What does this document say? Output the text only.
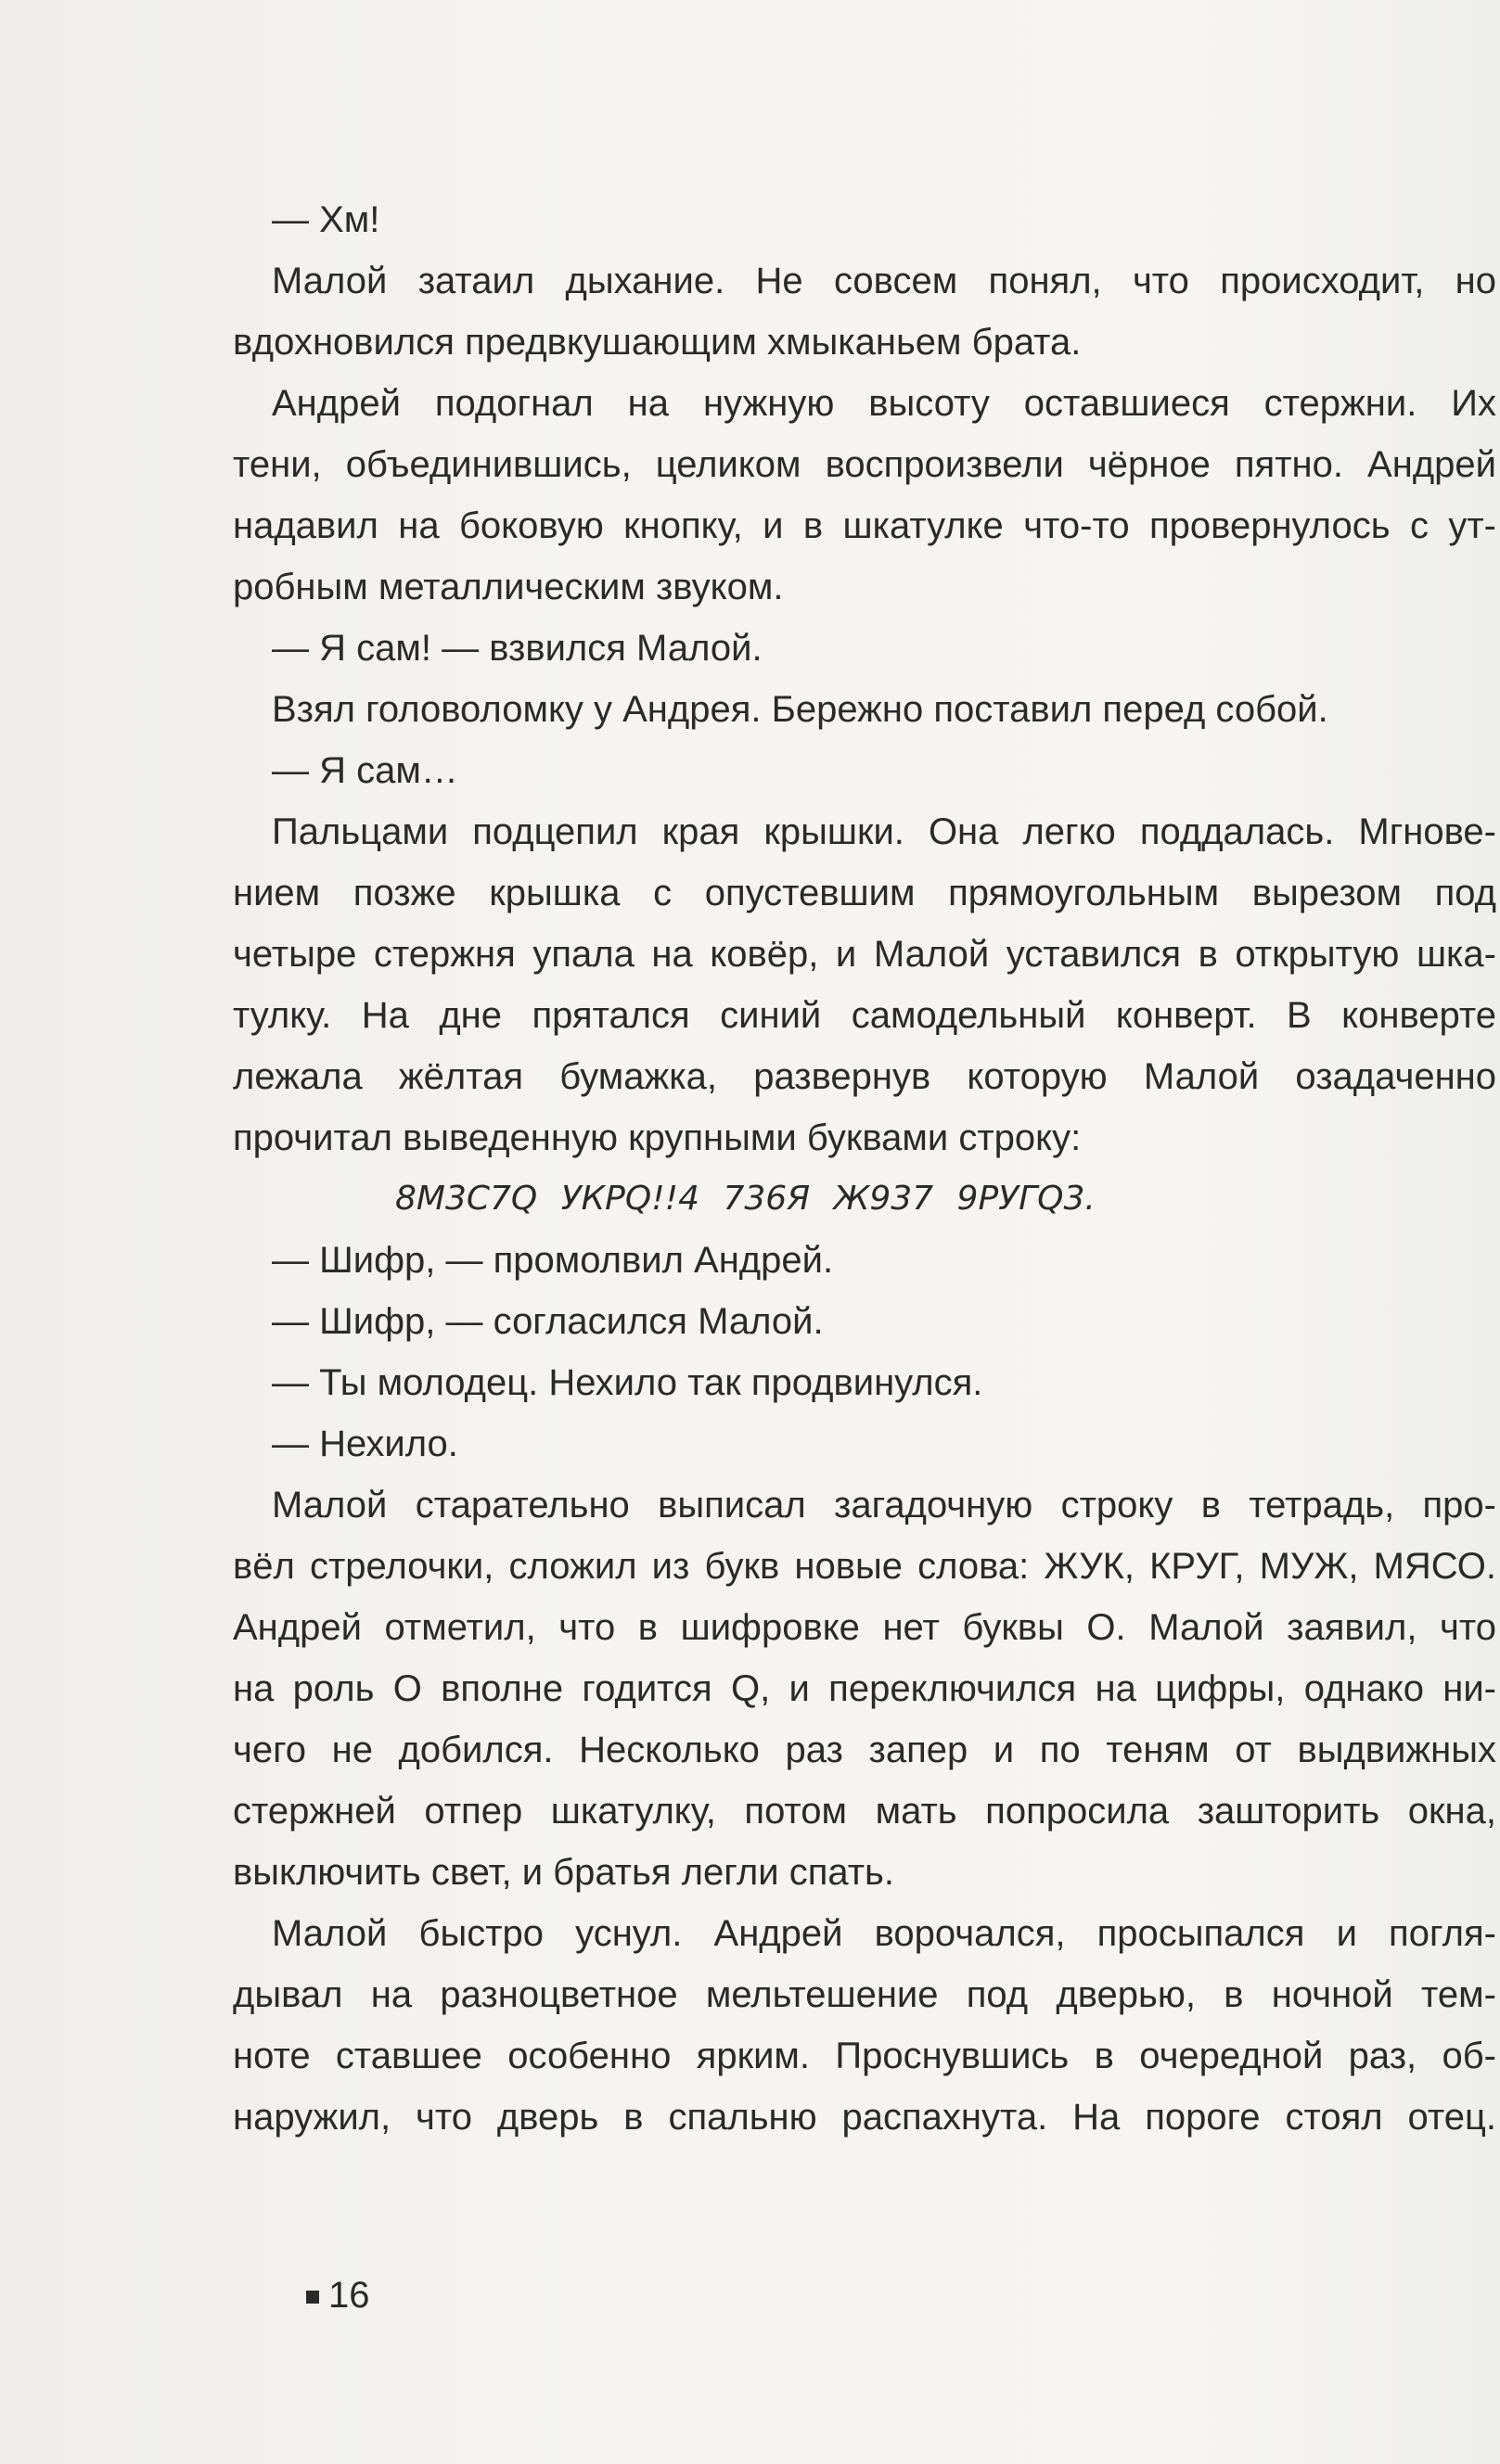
— Хм!
Малой затаил дыхание. Не совсем понял, что происходит, но
вдохновился предвкушающим хмыканьем брата.
Андрей подогнал на нужную высоту оставшиеся стержни. Их
тени, объединившись, целиком воспроизвели чёрное пятно. Андрей
надавил на боковую кнопку, и в шкатулке что-то провернулось с ут-
робным металлическим звуком.
— Я сам! — взвился Малой.
Взял головоломку у Андрея. Бережно поставил перед собой.
— Я сам…
Пальцами подцепил края крышки. Она легко поддалась. Мгнове-
нием позже крышка с опустевшим прямоугольным вырезом под
четыре стержня упала на ковёр, и Малой уставился в открытую шка-
тулку. На дне прятался синий самодельный конверт. В конверте
лежала жёлтая бумажка, развернув которую Малой озадаченно
прочитал выведенную крупными буквами строку:
8М3С7Q УКРQ!!4 736Я Ж937 9РУГQ3.
— Шифр, — промолвил Андрей.
— Шифр, — согласился Малой.
— Ты молодец. Нехило так продвинулся.
— Нехило.
Малой старательно выписал загадочную строку в тетрадь, про-
вёл стрелочки, сложил из букв новые слова: ЖУК, КРУГ, МУЖ, МЯСО.
Андрей отметил, что в шифровке нет буквы О. Малой заявил, что
на роль О вполне годится Q, и переключился на цифры, однако ни-
чего не добился. Несколько раз запер и по теням от выдвижных
стержней отпер шкатулку, потом мать попросила зашторить окна,
выключить свет, и братья легли спать.
Малой быстро уснул. Андрей ворочался, просыпался и погля-
дывал на разноцветное мельтешение под дверью, в ночной тем-
ноте ставшее особенно ярким. Проснувшись в очередной раз, об-
наружил, что дверь в спальню распахнута. На пороге стоял отец.
16
